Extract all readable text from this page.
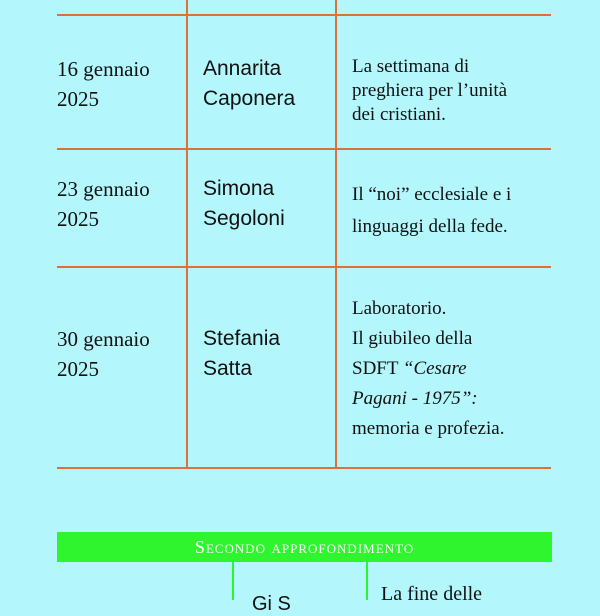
16 gennaio
2025
Annarita
Caponera
La settimana di
preghiera per l’unità
dei cristiani.
23 gennaio
2025
Simona
Segoloni
Il “noi” ecclesiale e i
linguaggi della fede.
30 gennaio
2025
Stefania
Satta
Laboratorio.
Il giubileo della
SDFT “Cesare
Pagani - 1975”:
memoria e profezia.
Secondo approfondimento
Gi S	La fine delle
